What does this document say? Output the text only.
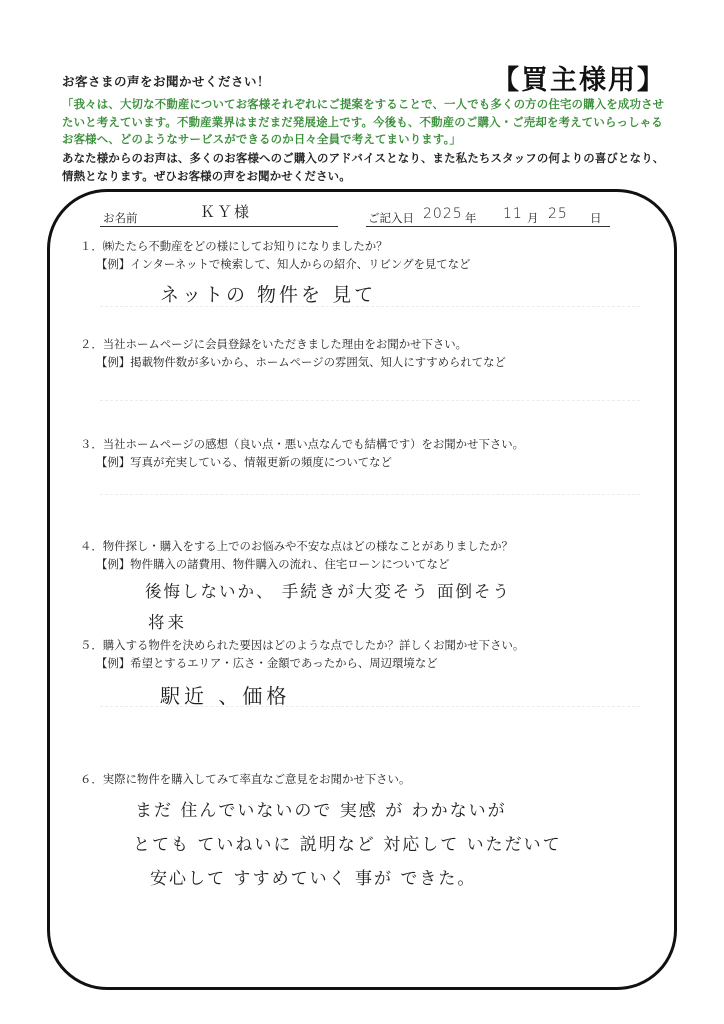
お客さまの声をお聞かせください！	【買主様用】
「我々は、大切な不動産についてお客様それぞれにご提案をすることで、一人でも多くの方の住宅の購入を成功させたいと考えています。不動産業界はまだまだ発展途上です。今後も、不動産のご購入・ご売却を考えていらっしゃるお客様へ、どのようなサービスができるのか日々全員で考えてまいります。」
あなた様からのお声は、多くのお客様へのご購入のアドバイスとなり、また私たちスタッフの何よりの喜びとなり、情熱となります。ぜひお客様の声をお聞かせください。
お名前	ＫＹ様	ご記入日 2025 年 11 月 25 日
１．㈱たたら不動産をどの様にしてお知りになりましたか？
【例】インターネットで検索して、知人からの紹介、リビングを見てなど
ネットの 物件を 見て
２．当社ホームページに会員登録をいただきました理由をお聞かせ下さい。
【例】掲載物件数が多いから、ホームページの雰囲気、知人にすすめられてなど
３．当社ホームページの感想（良い点・悪い点なんでも結構です）をお聞かせ下さい。
【例】写真が充実している、情報更新の頻度についてなど
４．物件探し・購入をする上でのお悩みや不安な点はどの様なことがありましたか？
【例】物件購入の諸費用、物件購入の流れ、住宅ローンについてなど
後悔しないか、 手続きが大変そう 面倒そう
将来
５．購入する物件を決められた要因はどのような点でしたか？詳しくお聞かせ下さい。
【例】希望とするエリア・広さ・金額であったから、周辺環境など
駅近 、価格
６．実際に物件を購入してみて率直なご意見をお聞かせ下さい。
まだ 住んでいないので 実感 が わかないが
とても ていねいに 説明など 対応して いただいて
安心して すすめていく 事が できた。
